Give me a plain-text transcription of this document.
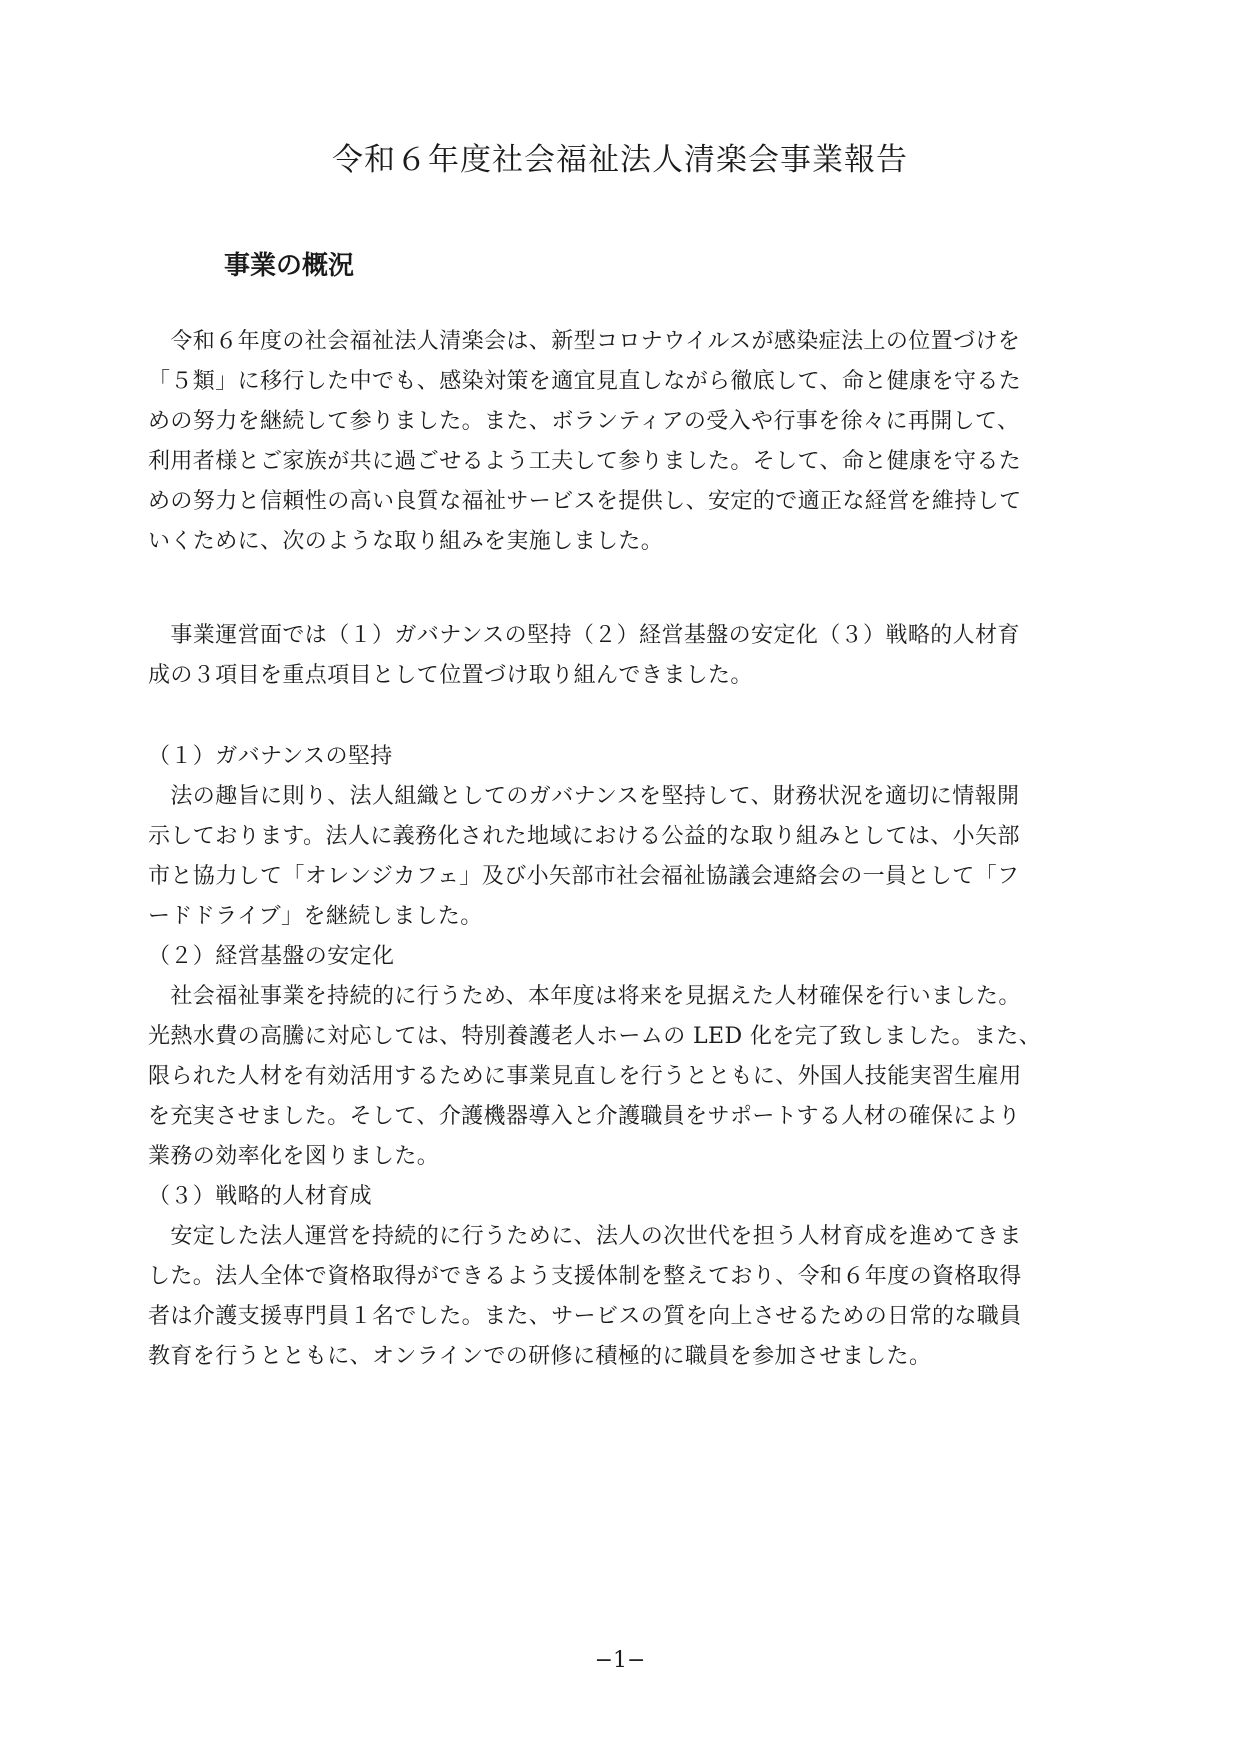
令和６年度社会福祉法人清楽会事業報告
事業の概況
　令和６年度の社会福祉法人清楽会は、新型コロナウイルスが感染症法上の位置づけを
「５類」に移行した中でも、感染対策を適宜見直しながら徹底して、命と健康を守るた
めの努力を継続して参りました。また、ボランティアの受入や行事を徐々に再開して、
利用者様とご家族が共に過ごせるよう工夫して参りました。そして、命と健康を守るた
めの努力と信頼性の高い良質な福祉サービスを提供し、安定的で適正な経営を維持して
いくために、次のような取り組みを実施しました。
　事業運営面では（１）ガバナンスの堅持（２）経営基盤の安定化（３）戦略的人材育
成の３項目を重点項目として位置づけ取り組んできました。
（１）ガバナンスの堅持
　法の趣旨に則り、法人組織としてのガバナンスを堅持して、財務状況を適切に情報開
示しております。法人に義務化された地域における公益的な取り組みとしては、小矢部
市と協力して「オレンジカフェ」及び小矢部市社会福祉協議会連絡会の一員として「フ
ードドライブ」を継続しました。
（２）経営基盤の安定化
　社会福祉事業を持続的に行うため、本年度は将来を見据えた人材確保を行いました。
光熱水費の高騰に対応しては、特別養護老人ホームの LED 化を完了致しました。また、
限られた人材を有効活用するために事業見直しを行うとともに、外国人技能実習生雇用
を充実させました。そして、介護機器導入と介護職員をサポートする人材の確保により
業務の効率化を図りました。
（３）戦略的人材育成
　安定した法人運営を持続的に行うために、法人の次世代を担う人材育成を進めてきま
した。法人全体で資格取得ができるよう支援体制を整えており、令和６年度の資格取得
者は介護支援専門員１名でした。また、サービスの質を向上させるための日常的な職員
教育を行うとともに、オンラインでの研修に積極的に職員を参加させました。
−1−
